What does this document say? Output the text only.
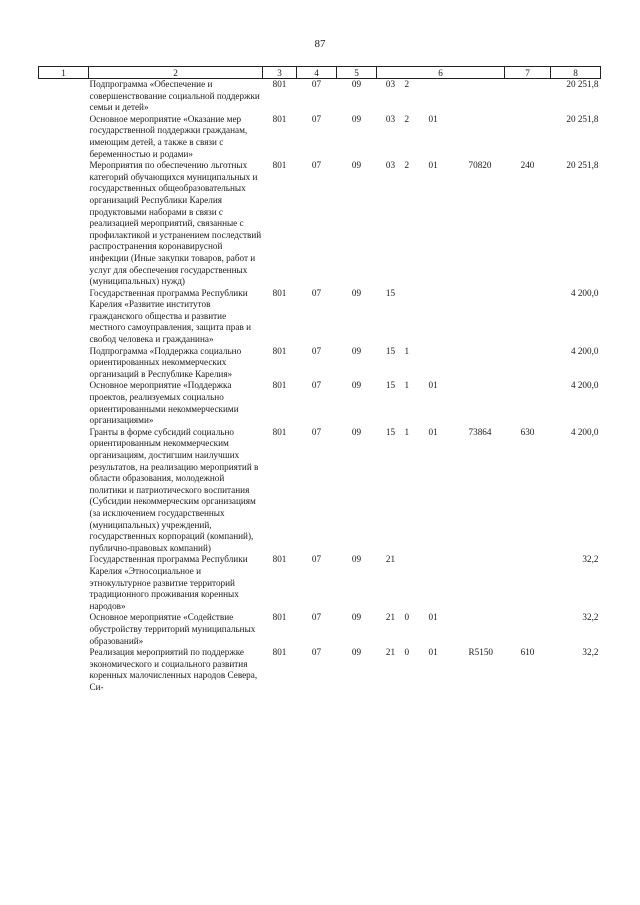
87
1	2	3	4	5	6				7	8
	Подпрограмма «Обеспечение и совершенствование социальной поддержки семьи и детей»	801	07	09	03	2				20 251,8
	Основное мероприятие «Оказание мер государственной поддержки гражданам, имеющим детей, а также в связи с беременностью и родами»	801	07	09	03	2	01			20 251,8
	Мероприятия по обеспечению льготных категорий обучающихся муниципальных и государственных общеобразовательных организаций Республики Карелия продуктовыми наборами в связи с реализацией мероприятий, связанные с профилактикой и устранением последствий распространения коронавирусной инфекции (Иные закупки товаров, работ и услуг для обеспечения государственных (муниципальных) нужд)	801	07	09	03	2	01	70820	240	20 251,8
	Государственная программа Республики Карелия «Развитие институтов гражданского общества и развитие местного самоуправления, защита прав и свобод человека и гражданина»	801	07	09	15					4 200,0
	Подпрограмма «Поддержка социально ориентированных некоммерческих организаций в Республике Карелия»	801	07	09	15	1				4 200,0
	Основное мероприятие «Поддержка проектов, реализуемых социально ориентированными некоммерческими организациями»	801	07	09	15	1	01			4 200,0
	Гранты в форме субсидий социально ориентированным некоммерческим организациям, достигшим наилучших результатов, на реализацию мероприятий в области образования, молодежной политики и патриотического воспитания (Субсидии некоммерческим организациям (за исключением государственных (муниципальных) учреждений, государственных корпораций (компаний), публично-правовых компаний)	801	07	09	15	1	01	73864	630	4 200,0
	Государственная программа Республики Карелия «Этносоциальное и этнокультурное развитие территорий традиционного проживания коренных народов»	801	07	09	21					32,2
	Основное мероприятие «Содействие обустройству территорий муниципальных образований»	801	07	09	21	0	01			32,2
	Реализация мероприятий по поддержке экономического и социального развития коренных малочисленных народов Севера, Си-	801	07	09	21	0	01	R5150	610	32,2
